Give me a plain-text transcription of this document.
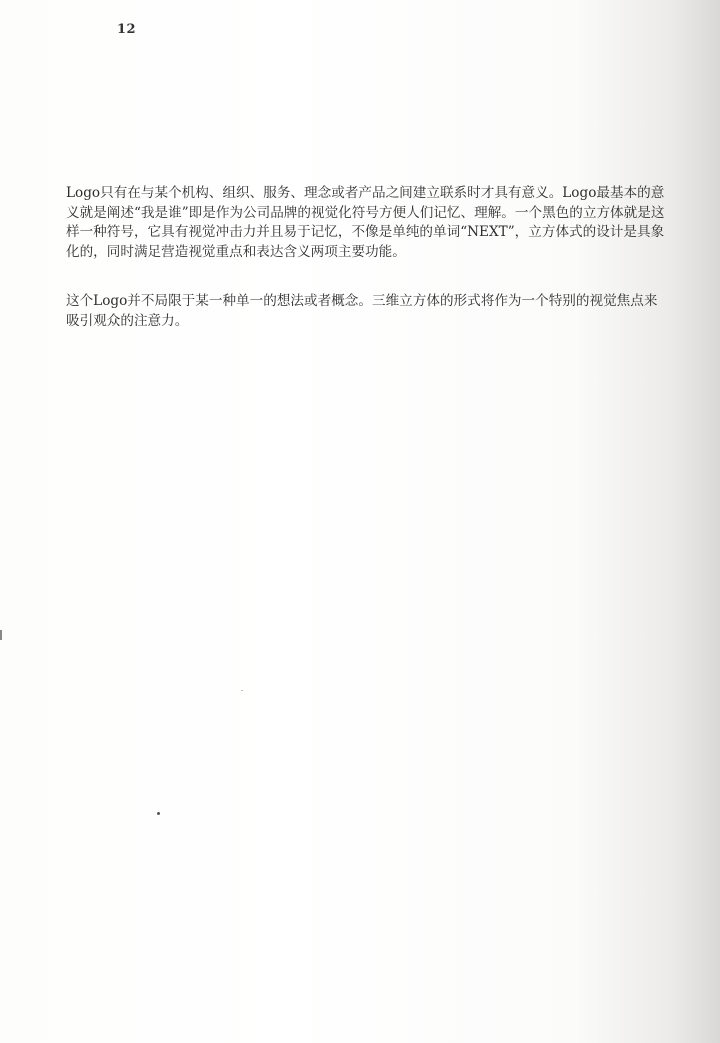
12

Logo只有在与某个机构、组织、服务、理念或者产品之间建立联系时才具有意义。Logo最基本的意义就是阐述“我是谁”即是作为公司品牌的视觉化符号方便人们记忆、理解。一个黑色的立方体就是这样一种符号，它具有视觉冲击力并且易于记忆，不像是单纯的单词“NEXT”，立方体式的设计是具象化的，同时满足营造视觉重点和表达含义两项主要功能。

这个Logo并不局限于某一种单一的想法或者概念。三维立方体的形式将作为一个特别的视觉焦点来吸引观众的注意力。
